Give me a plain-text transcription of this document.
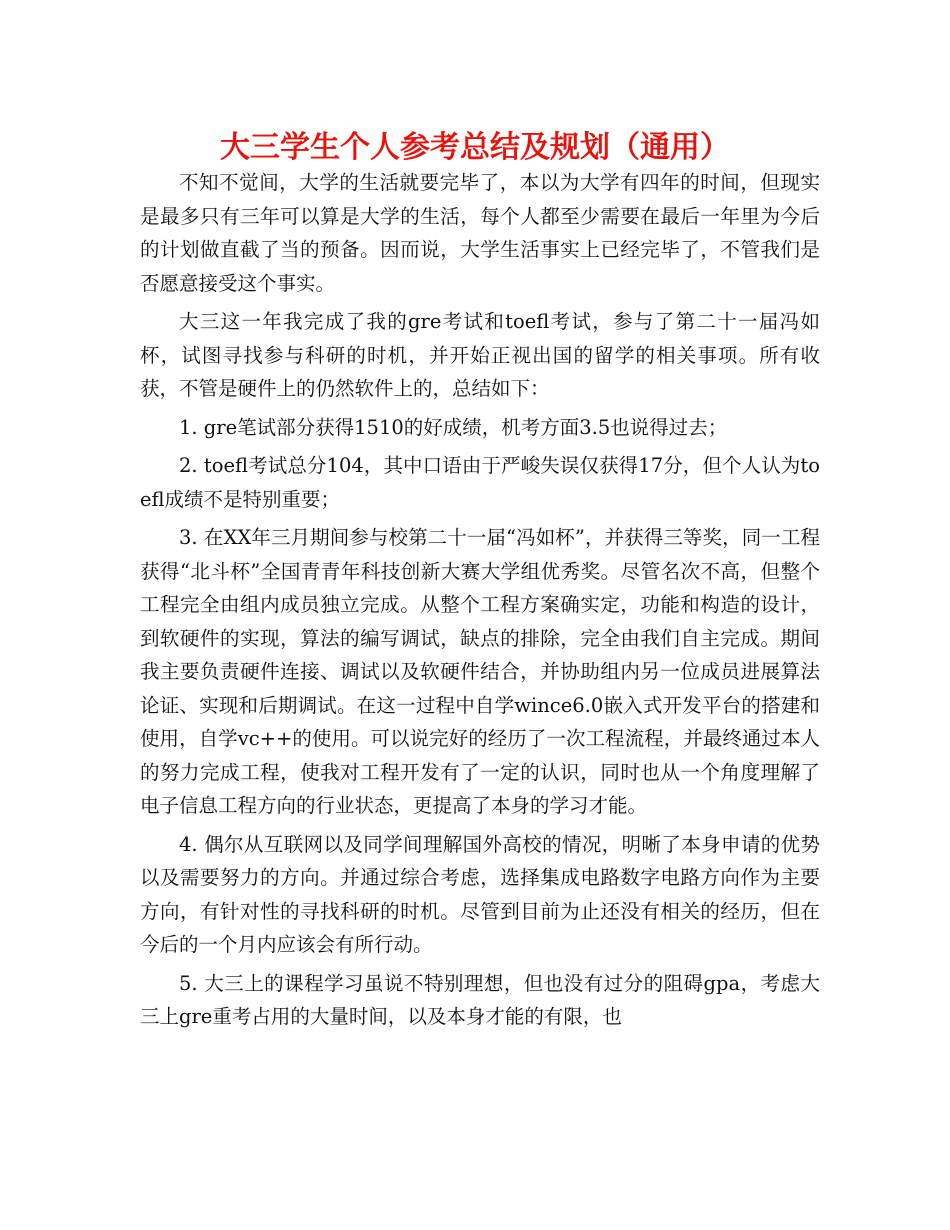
大三学生个人参考总结及规划（通用）

不知不觉间，大学的生活就要完毕了，本以为大学有四年的时间，但现实是最多只有三年可以算是大学的生活，每个人都至少需要在最后一年里为今后的计划做直截了当的预备。因而说，大学生活事实上已经完毕了，不管我们是否愿意接受这个事实。

大三这一年我完成了我的gre考试和toefl考试，参与了第二十一届冯如杯，试图寻找参与科研的时机，并开始正视出国的留学的相关事项。所有收获，不管是硬件上的仍然软件上的，总结如下：

1. gre笔试部分获得1510的好成绩，机考方面3.5也说得过去；

2. toefl考试总分104，其中口语由于严峻失误仅获得17分，但个人认为toefl成绩不是特别重要；

3. 在XX年三月期间参与校第二十一届“冯如杯”，并获得三等奖，同一工程获得“北斗杯”全国青青年科技创新大赛大学组优秀奖。尽管名次不高，但整个工程完全由组内成员独立完成。从整个工程方案确实定，功能和构造的设计，到软硬件的实现，算法的编写调试，缺点的排除，完全由我们自主完成。期间我主要负责硬件连接、调试以及软硬件结合，并协助组内另一位成员进展算法论证、实现和后期调试。在这一过程中自学wince6.0嵌入式开发平台的搭建和使用，自学vc++的使用。可以说完好的经历了一次工程流程，并最终通过本人的努力完成工程，使我对工程开发有了一定的认识，同时也从一个角度理解了电子信息工程方向的行业状态，更提高了本身的学习才能。

4. 偶尔从互联网以及同学间理解国外高校的情况，明晰了本身申请的优势以及需要努力的方向。并通过综合考虑，选择集成电路数字电路方向作为主要方向，有针对性的寻找科研的时机。尽管到目前为止还没有相关的经历，但在今后的一个月内应该会有所行动。

5. 大三上的课程学习虽说不特别理想，但也没有过分的阻碍gpa，考虑大三上gre重考占用的大量时间，以及本身才能的有限，也
